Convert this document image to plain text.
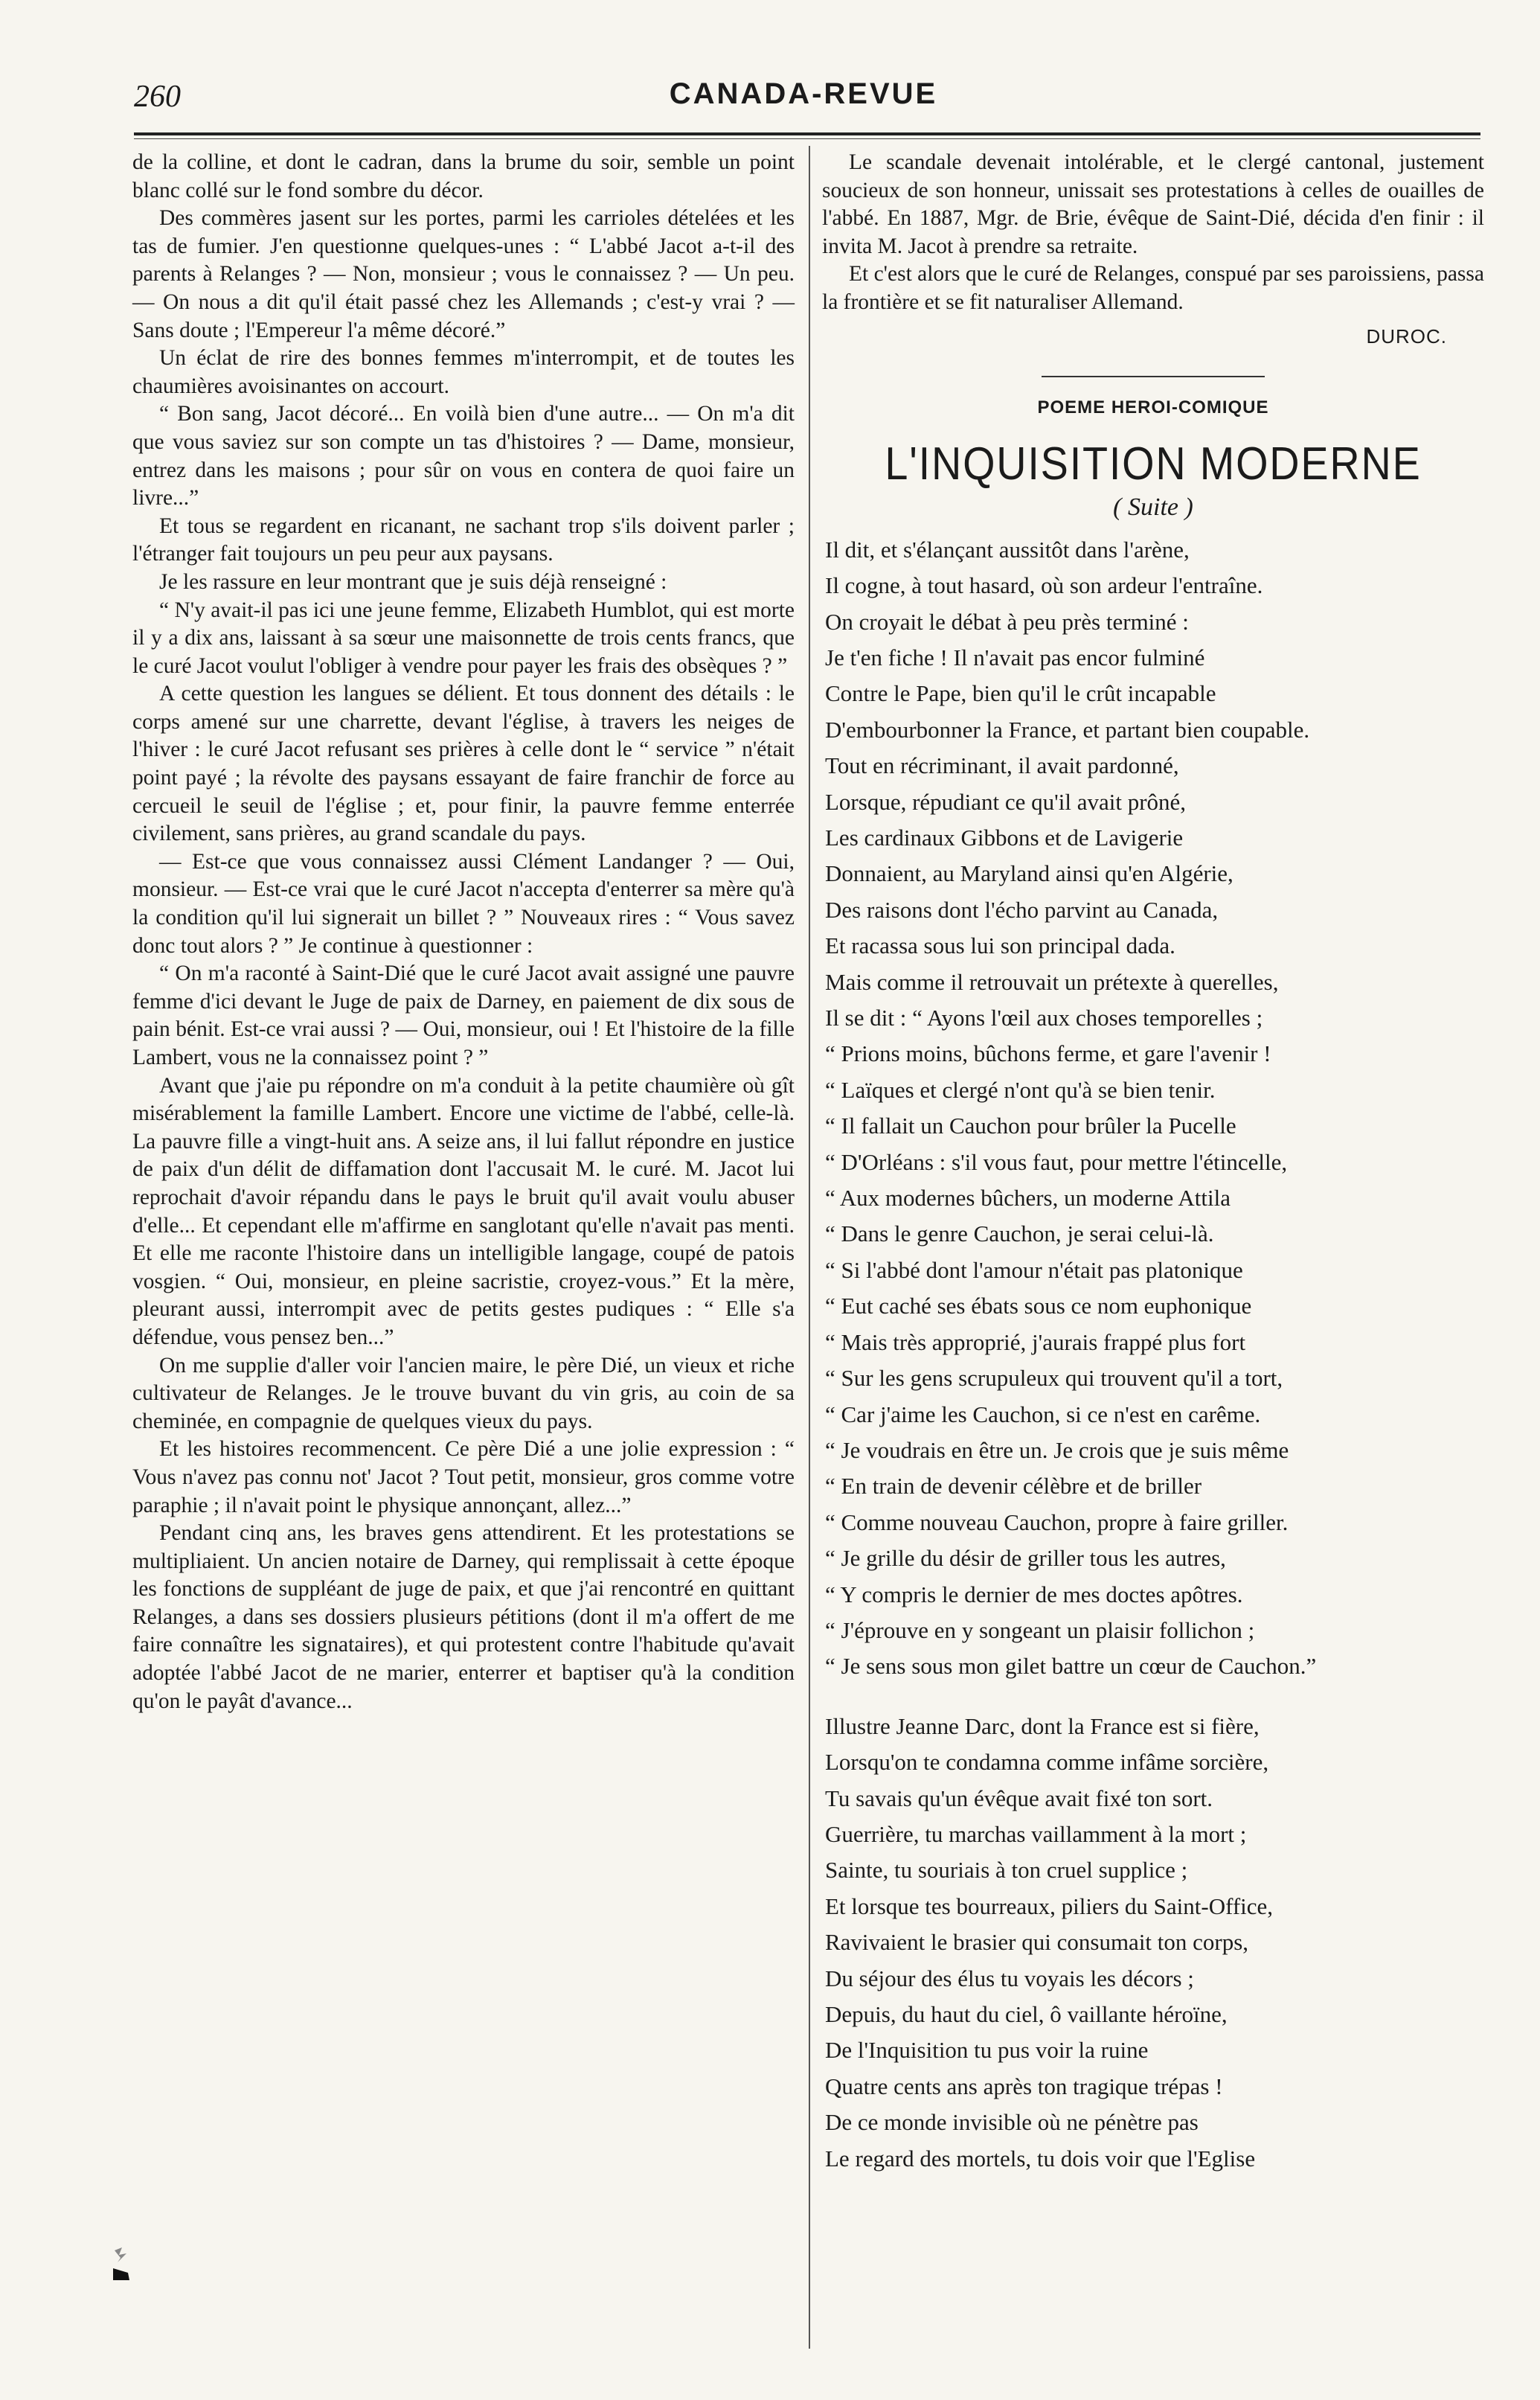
260	CANADA-REVUE

de la colline, et dont le cadran, dans la brume du soir, semble un point blanc collé sur le fond sombre du décor.

Des commères jasent sur les portes, parmi les carrioles dételées et les tas de fumier. J'en questionne quelques-unes : “ L'abbé Jacot a-t-il des parents à Relanges ? — Non, monsieur ; vous le connaissez ? — Un peu. — On nous a dit qu'il était passé chez les Allemands ; c'est-y vrai ? — Sans doute ; l'Empereur l'a même décoré.”

Un éclat de rire des bonnes femmes m'interrompit, et de toutes les chaumières avoisinantes on accourt.

“ Bon sang, Jacot décoré... En voilà bien d'une autre... — On m'a dit que vous saviez sur son compte un tas d'histoires ? — Dame, monsieur, entrez dans les maisons ; pour sûr on vous en contera de quoi faire un livre...”

Et tous se regardent en ricanant, ne sachant trop s'ils doivent parler ; l'étranger fait toujours un peu peur aux paysans.

Je les rassure en leur montrant que je suis déjà renseigné :

“ N'y avait-il pas ici une jeune femme, Elizabeth Humblot, qui est morte il y a dix ans, laissant à sa sœur une maisonnette de trois cents francs, que le curé Jacot voulut l'obliger à vendre pour payer les frais des obsèques ? ”

A cette question les langues se délient. Et tous donnent des détails : le corps amené sur une charrette, devant l'église, à travers les neiges de l'hiver : le curé Jacot refusant ses prières à celle dont le “ service ” n'était point payé ; la révolte des paysans essayant de faire franchir de force au cercueil le seuil de l'église ; et, pour finir, la pauvre femme enterrée civilement, sans prières, au grand scandale du pays.

— Est-ce que vous connaissez aussi Clément Landanger ? — Oui, monsieur. — Est-ce vrai que le curé Jacot n'accepta d'enterrer sa mère qu'à la condition qu'il lui signerait un billet ? ” Nouveaux rires : “ Vous savez donc tout alors ? ” Je continue à questionner :

“ On m'a raconté à Saint-Dié que le curé Jacot avait assigné une pauvre femme d'ici devant le Juge de paix de Darney, en paiement de dix sous de pain bénit. Est-ce vrai aussi ? — Oui, monsieur, oui ! Et l'histoire de la fille Lambert, vous ne la connaissez point ? ”

Avant que j'aie pu répondre on m'a conduit à la petite chaumière où gît misérablement la famille Lambert. Encore une victime de l'abbé, celle-là. La pauvre fille a vingt-huit ans. A seize ans, il lui fallut répondre en justice de paix d'un délit de diffamation dont l'accusait M. le curé. M. Jacot lui reprochait d'avoir répandu dans le pays le bruit qu'il avait voulu abuser d'elle... Et cependant elle m'affirme en sanglotant qu'elle n'avait pas menti. Et elle me raconte l'histoire dans un intelligible langage, coupé de patois vosgien. “ Oui, monsieur, en pleine sacristie, croyez-vous.” Et la mère, pleurant aussi, interrompit avec de petits gestes pudiques : “ Elle s'a défendue, vous pensez ben...”

On me supplie d'aller voir l'ancien maire, le père Dié, un vieux et riche cultivateur de Relanges. Je le trouve buvant du vin gris, au coin de sa cheminée, en compagnie de quelques vieux du pays.

Et les histoires recommencent. Ce père Dié a une jolie expression : “ Vous n'avez pas connu not' Jacot ? Tout petit, monsieur, gros comme votre paraphie ; il n'avait point le physique annonçant, allez...”

Pendant cinq ans, les braves gens attendirent. Et les protestations se multipliaient. Un ancien notaire de Darney, qui remplissait à cette époque les fonctions de suppléant de juge de paix, et que j'ai rencontré en quittant Relanges, a dans ses dossiers plusieurs pétitions (dont il m'a offert de me faire connaître les signataires), et qui protestent contre l'habitude qu'avait adoptée l'abbé Jacot de ne marier, enterrer et baptiser qu'à la condition qu'on le payât d'avance...

Le scandale devenait intolérable, et le clergé cantonal, justement soucieux de son honneur, unissait ses protestations à celles de ouailles de l'abbé. En 1887, Mgr. de Brie, évêque de Saint-Dié, décida d'en finir : il invita M. Jacot à prendre sa retraite.

Et c'est alors que le curé de Relanges, conspué par ses paroissiens, passa la frontière et se fit naturaliser Allemand.

DUROC.
POEME HEROI-COMIQUE
L'INQUISITION MODERNE
( Suite )
Il dit, et s'élançant aussitôt dans l'arène,
Il cogne, à tout hasard, où son ardeur l'entraîne.
On croyait le débat à peu près terminé :
Je t'en fiche ! Il n'avait pas encor fulminé
Contre le Pape, bien qu'il le crût incapable
D'embourbonner la France, et partant bien coupable.
Tout en récriminant, il avait pardonné,
Lorsque, répudiant ce qu'il avait prôné,
Les cardinaux Gibbons et de Lavigerie
Donnaient, au Maryland ainsi qu'en Algérie,
Des raisons dont l'écho parvint au Canada,
Et racassa sous lui son principal dada.
Mais comme il retrouvait un prétexte à querelles,
Il se dit : “ Ayons l'œil aux choses temporelles ;
“ Prions moins, bûchons ferme, et gare l'avenir !
“ Laïques et clergé n'ont qu'à se bien tenir.
“ Il fallait un Cauchon pour brûler la Pucelle
“ D'Orléans : s'il vous faut, pour mettre l'étincelle,
“ Aux modernes bûchers, un moderne Attila
“ Dans le genre Cauchon, je serai celui-là.
“ Si l'abbé dont l'amour n'était pas platonique
“ Eut caché ses ébats sous ce nom euphonique
“ Mais très approprié, j'aurais frappé plus fort
“ Sur les gens scrupuleux qui trouvent qu'il a tort,
“ Car j'aime les Cauchon, si ce n'est en carême.
“ Je voudrais en être un. Je crois que je suis même
“ En train de devenir célèbre et de briller
“ Comme nouveau Cauchon, propre à faire griller.
“ Je grille du désir de griller tous les autres,
“ Y compris le dernier de mes doctes apôtres.
“ J'éprouve en y songeant un plaisir follichon ;
“ Je sens sous mon gilet battre un cœur de Cauchon.”
Illustre Jeanne Darc, dont la France est si fière,
Lorsqu'on te condamna comme infâme sorcière,
Tu savais qu'un évêque avait fixé ton sort.
Guerrière, tu marchas vaillamment à la mort ;
Sainte, tu souriais à ton cruel supplice ;
Et lorsque tes bourreaux, piliers du Saint-Office,
Ravivaient le brasier qui consumait ton corps,
Du séjour des élus tu voyais les décors ;
Depuis, du haut du ciel, ô vaillante héroïne,
De l'Inquisition tu pus voir la ruine
Quatre cents ans après ton tragique trépas !
De ce monde invisible où ne pénètre pas
Le regard des mortels, tu dois voir que l'Eglise
